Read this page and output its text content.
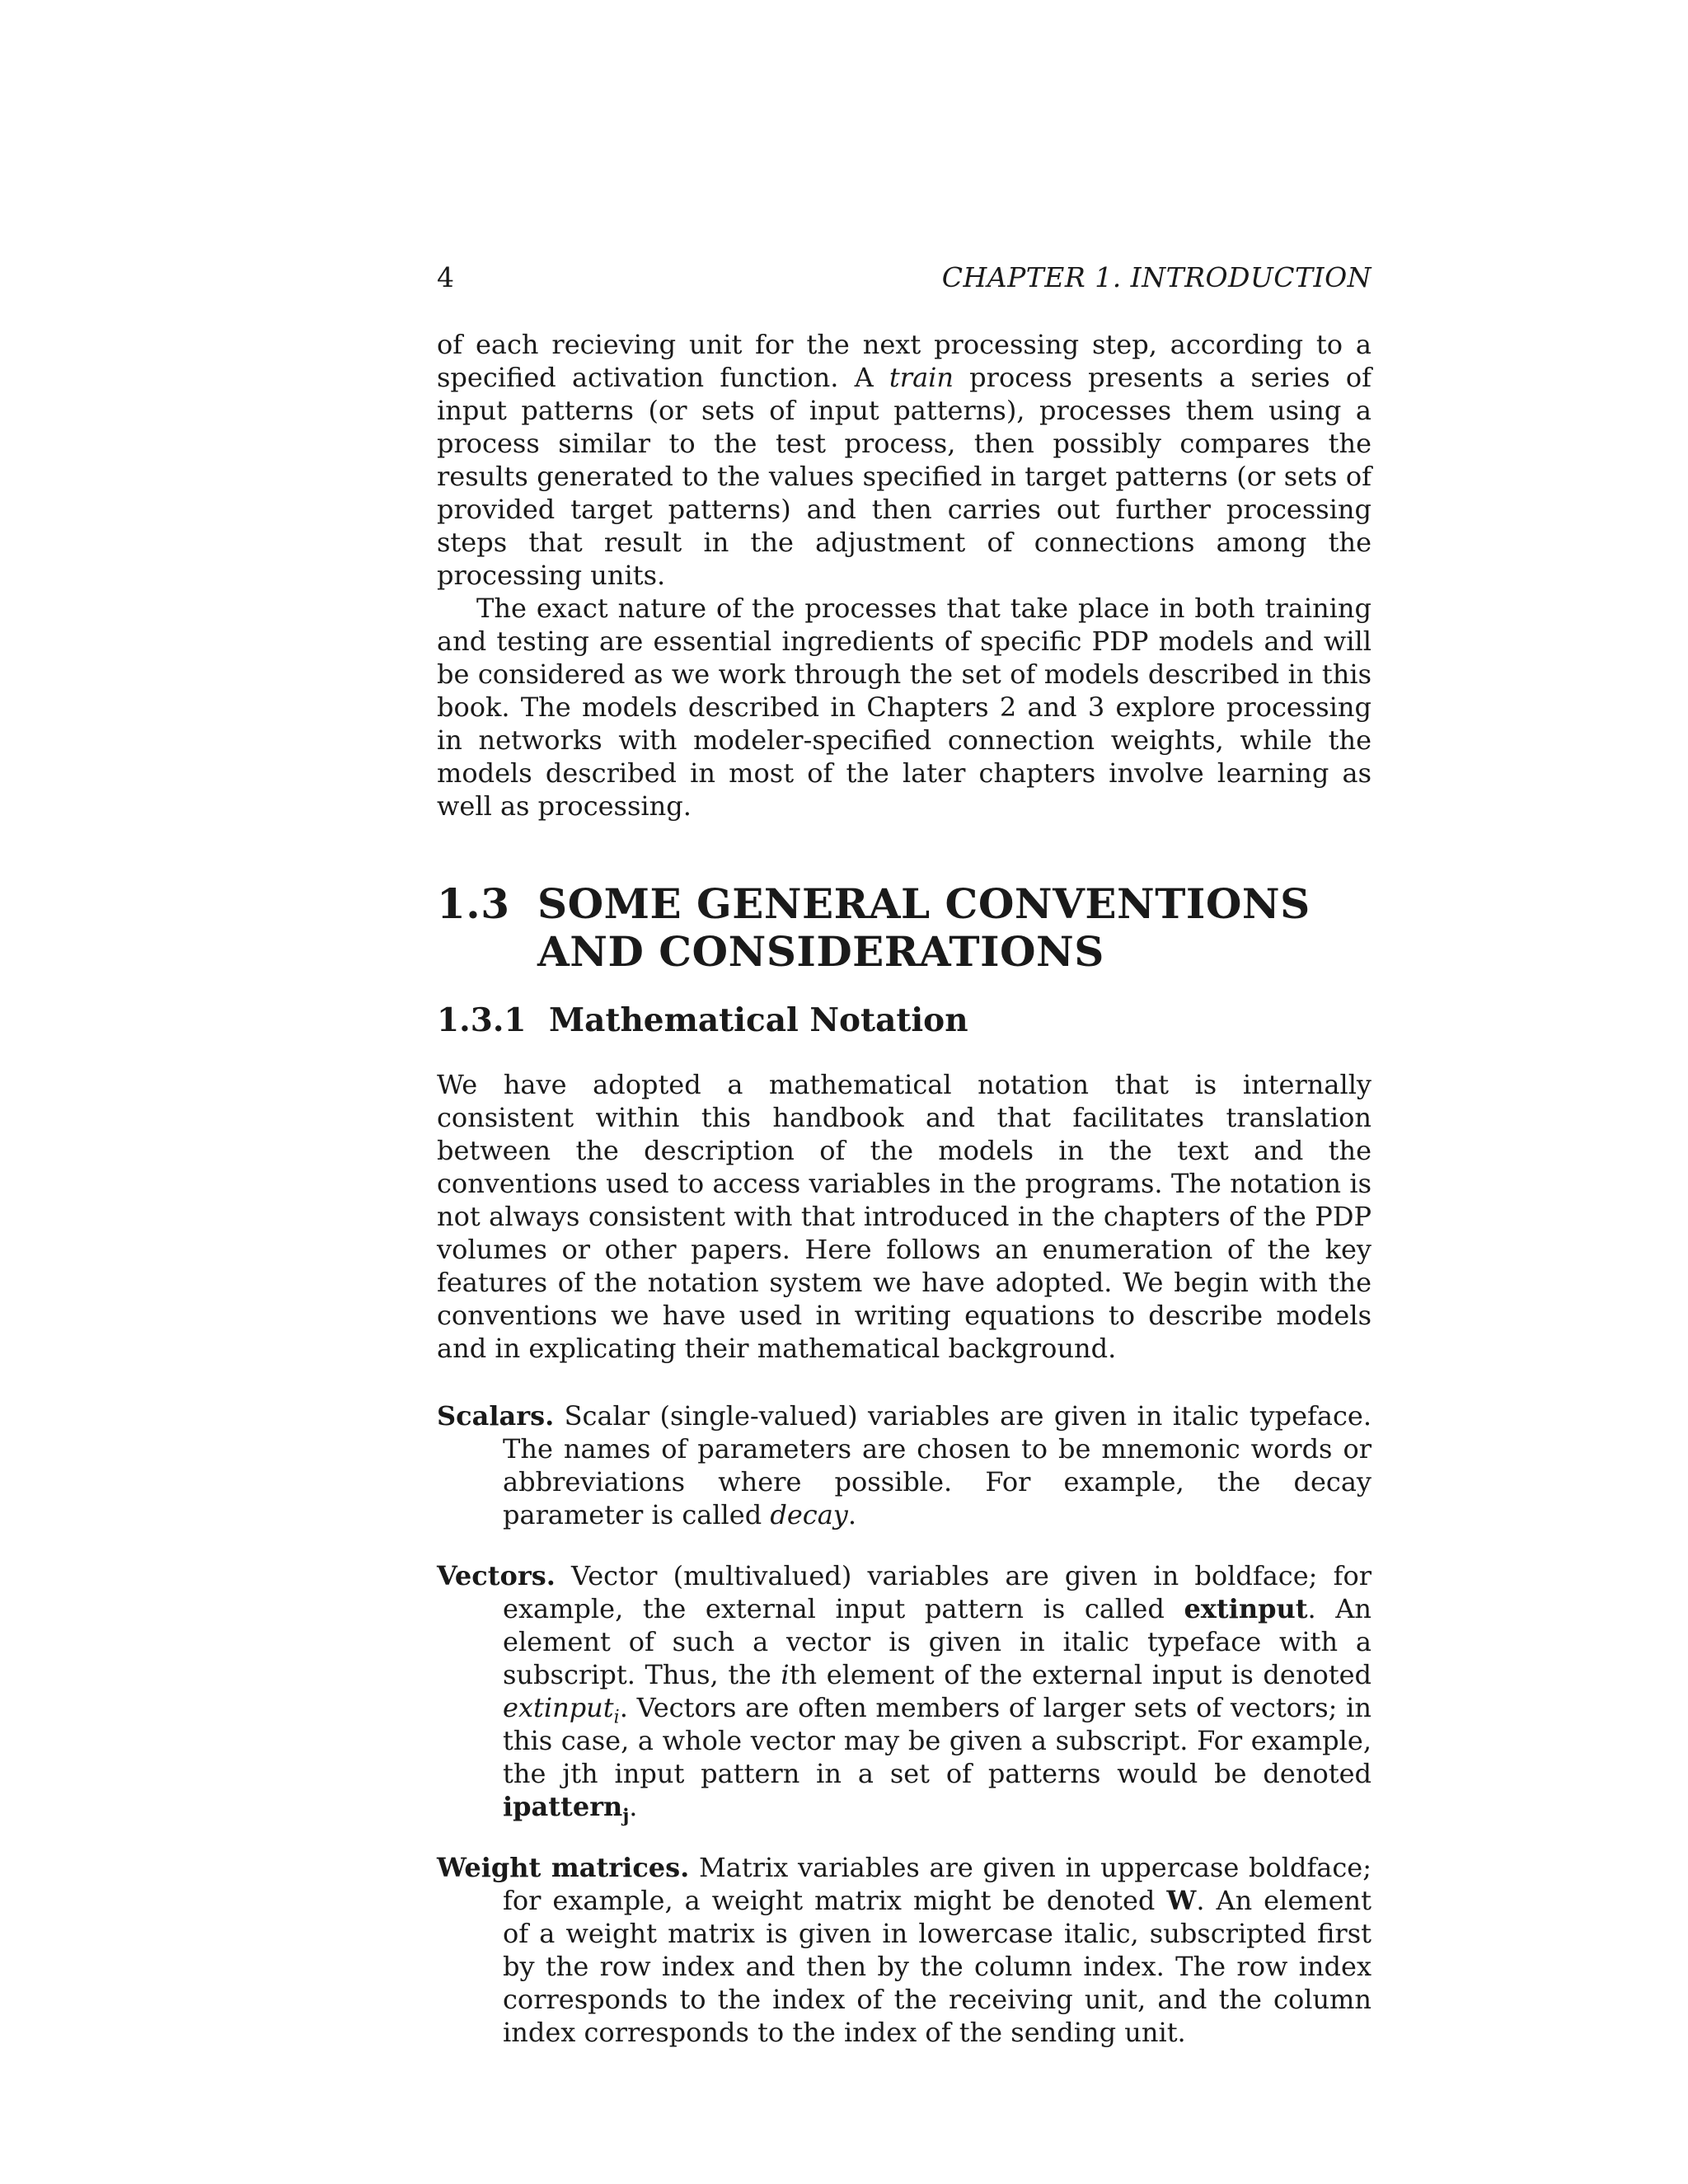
4	CHAPTER 1. INTRODUCTION

of each recieving unit for the next processing step, according to a specified activation function. A train process presents a series of input patterns (or sets of input patterns), processes them using a process similar to the test process, then possibly compares the results generated to the values specified in target patterns (or sets of provided target patterns) and then carries out further processing steps that result in the adjustment of connections among the processing units.

The exact nature of the processes that take place in both training and testing are essential ingredients of specific PDP models and will be considered as we work through the set of models described in this book. The models described in Chapters 2 and 3 explore processing in networks with modeler-specified connection weights, while the models described in most of the later chapters involve learning as well as processing.

1.3 SOME GENERAL CONVENTIONS AND CONSIDERATIONS
1.3.1 Mathematical Notation

We have adopted a mathematical notation that is internally consistent within this handbook and that facilitates translation between the description of the models in the text and the conventions used to access variables in the programs. The notation is not always consistent with that introduced in the chapters of the PDP volumes or other papers. Here follows an enumeration of the key features of the notation system we have adopted. We begin with the conventions we have used in writing equations to describe models and in explicating their mathematical background.

Scalars. Scalar (single-valued) variables are given in italic typeface. The names of parameters are chosen to be mnemonic words or abbreviations where possible. For example, the decay parameter is called decay.
Vectors. Vector (multivalued) variables are given in boldface; for example, the external input pattern is called extinput. An element of such a vector is given in italic typeface with a subscript. Thus, the ith element of the external input is denoted extinput$_i$. Vectors are often members of larger sets of vectors; in this case, a whole vector may be given a subscript. For example, the jth input pattern in a set of patterns would be denoted ipattern$_j$.
Weight matrices. Matrix variables are given in uppercase boldface; for example, a weight matrix might be denoted W. An element of a weight matrix is given in lowercase italic, subscripted first by the row index and then by the column index. The row index corresponds to the index of the receiving unit, and the column index corresponds to the index of the sending unit.
